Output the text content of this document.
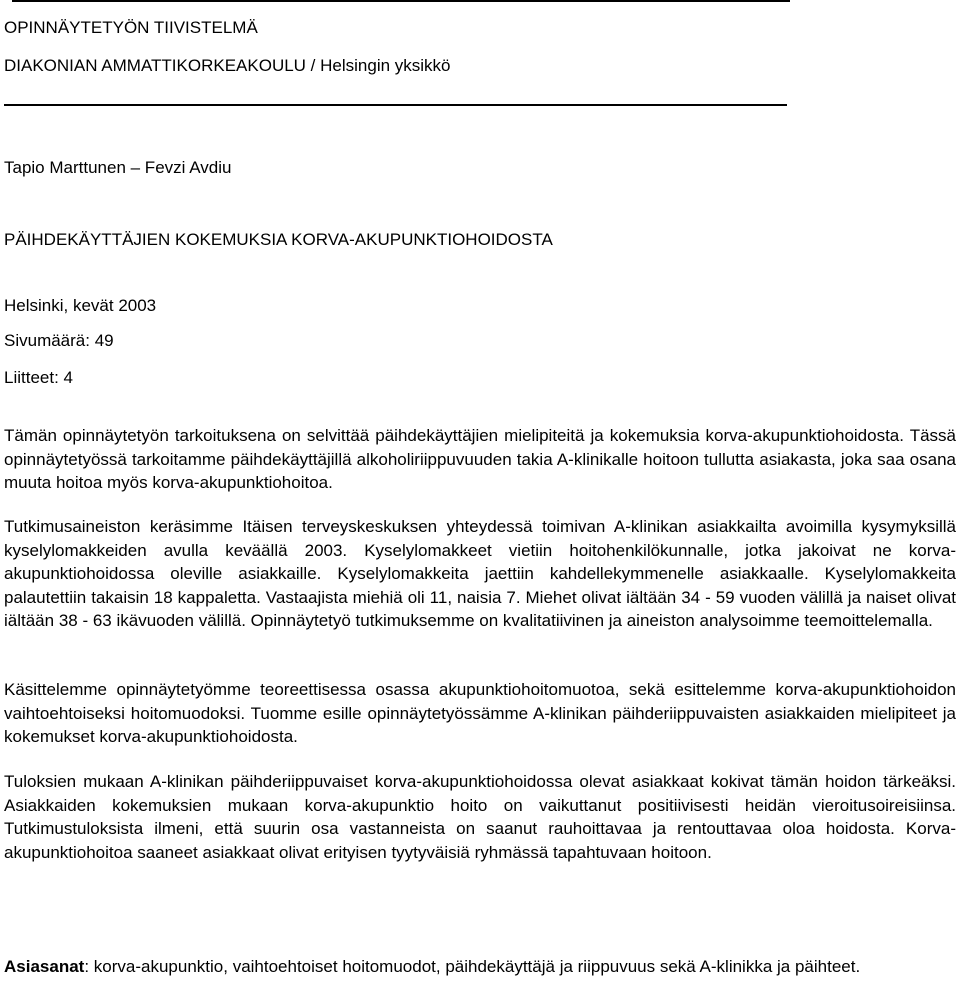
OPINNÄYTETYÖN TIIVISTELMÄ
DIAKONIAN AMMATTIKORKEAKOULU / Helsingin yksikkö
Tapio Marttunen – Fevzi Avdiu
PÄIHDEKÄYTTÄJIEN KOKEMUKSIA KORVA-AKUPUNKTIOHOIDOSTA
Helsinki, kevät 2003
Sivumäärä: 49
Liitteet: 4
Tämän opinnäytetyön tarkoituksena on selvittää päihdekäyttäjien mielipiteitä ja kokemuksia korva-akupunktiohoidosta. Tässä opinnäytetyössä tarkoitamme päihdekäyttäjillä alkoholiriippuvuuden takia A-klinikalle hoitoon tullutta asiakasta, joka saa osana muuta hoitoa myös korva-akupunktiohoitoa.
Tutkimusaineiston keräsimme Itäisen terveyskeskuksen yhteydessä toimivan A-klinikan asiakkailta avoimilla kysymyksillä kyselylomakkeiden avulla keväällä 2003. Kyselylomakkeet vietiin hoitohenkilökunnalle, jotka jakoivat ne korva-akupunktiohoidossa oleville asiakkaille. Kyselylomakkeita jaettiin kahdellekymmenelle asiakkaalle. Kyselylomakkeita palautettiin takaisin 18 kappaletta. Vastaajista miehiä oli 11, naisia 7. Miehet olivat iältään 34 - 59 vuoden välillä ja naiset olivat iältään 38 - 63 ikävuoden välillä. Opinnäytetyö tutkimuksemme on kvalitatiivinen ja aineiston analysoimme teemoittelemalla.
Käsittelemme opinnäytetyömme teoreettisessa osassa akupunktiohoitomuotoa, sekä esittelemme korva-akupunktiohoidon vaihtoehtoiseksi hoitomuodoksi. Tuomme esille opinnäytetyössämme A-klinikan päihderiippuvaisten asiakkaiden mielipiteet ja kokemukset korva-akupunktiohoidosta.
Tuloksien mukaan A-klinikan päihderiippuvaiset korva-akupunktiohoidossa olevat asiakkaat kokivat tämän hoidon tärkeäksi. Asiakkaiden kokemuksien mukaan korva-akupunktio hoito on vaikuttanut positiivisesti heidän vieroitusoireisiinsa. Tutkimustuloksista ilmeni, että suurin osa vastanneista on saanut rauhoittavaa ja rentouttavaa oloa hoidosta. Korva-akupunktiohoitoa saaneet asiakkaat olivat erityisen tyytyväisiä ryhmässä tapahtuvaan hoitoon.
Asiasanat: korva-akupunktio, vaihtoehtoiset hoitomuodot, päihdekäyttäjä ja riippuvuus sekä A-klinikka ja päihteet.
